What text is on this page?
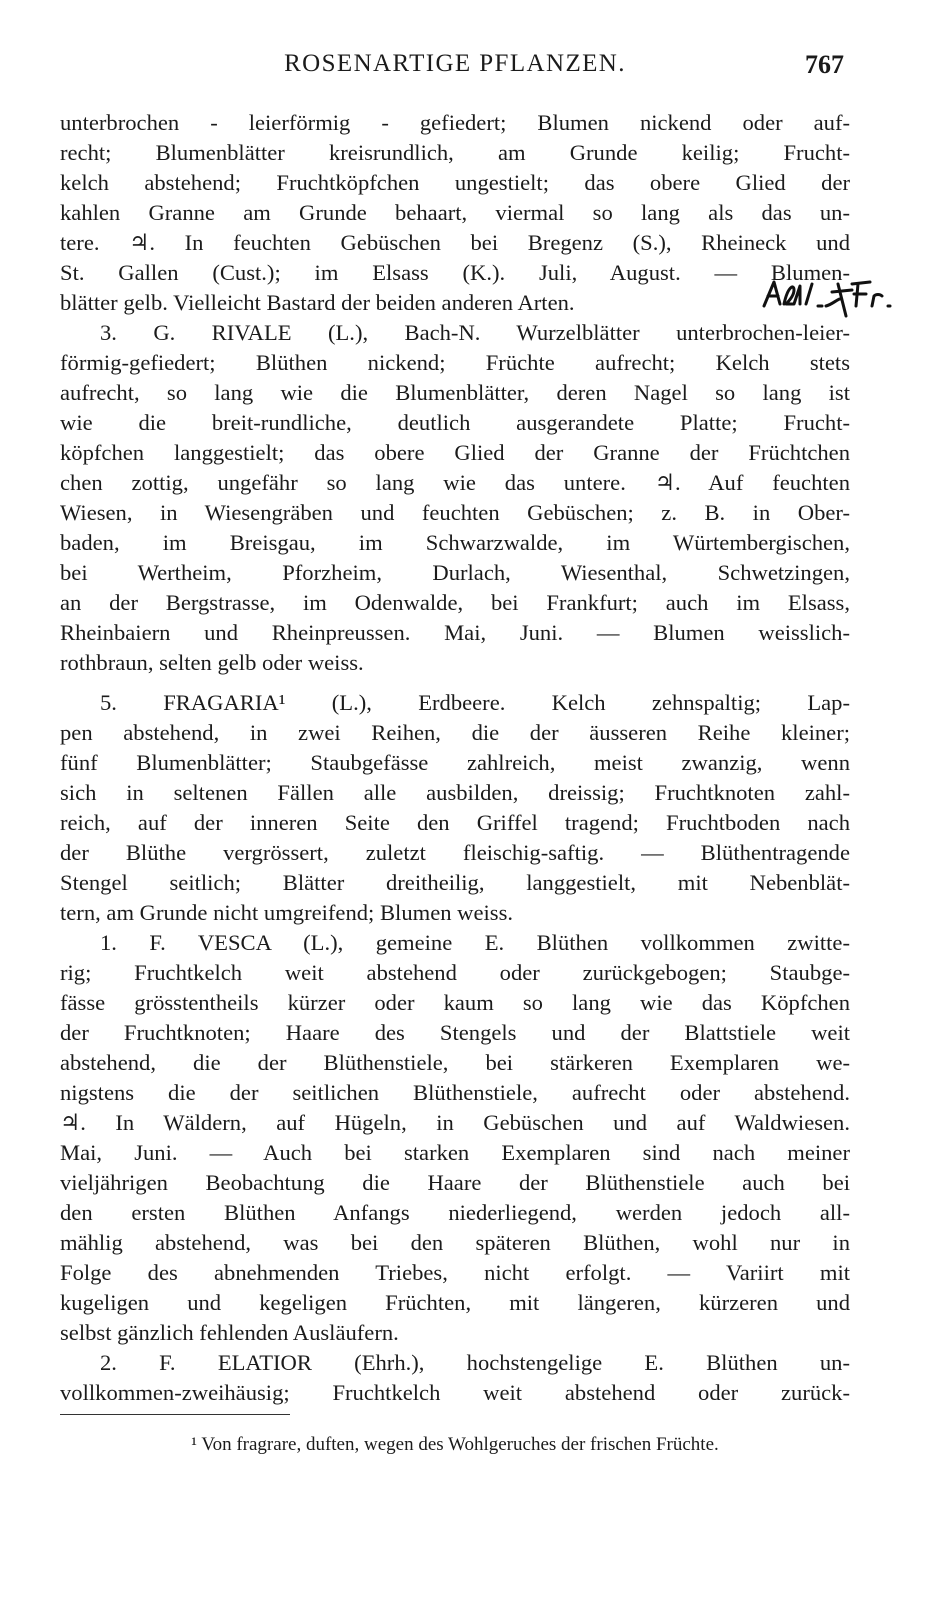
ROSENARTIGE PFLANZEN.	767
unterbrochen - leierförmig - gefiedert; Blumen nickend oder auf-
recht; Blumenblätter kreisrundlich, am Grunde keilig; Frucht-
kelch abstehend; Fruchtköpfchen ungestielt; das obere Glied der
kahlen Granne am Grunde behaart, viermal so lang als das un-
tere. ♃. In feuchten Gebüschen bei Bregenz (S.), Rheineck und
St. Gallen (Cust.); im Elsass (K.). Juli, August. — Blumen-
blätter gelb. Vielleicht Bastard der beiden anderen Arten.
3. G. RIVALE (L.), Bach-N. Wurzelblätter unterbrochen-leier-
förmig-gefiedert; Blüthen nickend; Früchte aufrecht; Kelch stets
aufrecht, so lang wie die Blumenblätter, deren Nagel so lang ist
wie die breit-rundliche, deutlich ausgerandete Platte; Frucht-
köpfchen langgestielt; das obere Glied der Granne der Früchtchen
chen zottig, ungefähr so lang wie das untere. ♃. Auf feuchten
Wiesen, in Wiesengräben und feuchten Gebüschen; z. B. in Ober-
baden, im Breisgau, im Schwarzwalde, im Würtembergischen,
bei Wertheim, Pforzheim, Durlach, Wiesenthal, Schwetzingen,
an der Bergstrasse, im Odenwalde, bei Frankfurt; auch im Elsass,
Rheinbaiern und Rheinpreussen. Mai, Juni. — Blumen weisslich-
rothbraun, selten gelb oder weiss.
5. FRAGARIA¹ (L.), Erdbeere. Kelch zehnspaltig; Lap-
pen abstehend, in zwei Reihen, die der äusseren Reihe kleiner;
fünf Blumenblätter; Staubgefässe zahlreich, meist zwanzig, wenn
sich in seltenen Fällen alle ausbilden, dreissig; Fruchtknoten zahl-
reich, auf der inneren Seite den Griffel tragend; Fruchtboden nach
der Blüthe vergrössert, zuletzt fleischig-saftig. — Blüthentragende
Stengel seitlich; Blätter dreitheilig, langgestielt, mit Nebenblät-
tern, am Grunde nicht umgreifend; Blumen weiss.
1. F. VESCA (L.), gemeine E. Blüthen vollkommen zwitte-
rig; Fruchtkelch weit abstehend oder zurückgebogen; Staubge-
fässe grösstentheils kürzer oder kaum so lang wie das Köpfchen
der Fruchtknoten; Haare des Stengels und der Blattstiele weit
abstehend, die der Blüthenstiele, bei stärkeren Exemplaren we-
nigstens die der seitlichen Blüthenstiele, aufrecht oder abstehend.
♃. In Wäldern, auf Hügeln, in Gebüschen und auf Waldwiesen.
Mai, Juni. — Auch bei starken Exemplaren sind nach meiner
vieljährigen Beobachtung die Haare der Blüthenstiele auch bei
den ersten Blüthen Anfangs niederliegend, werden jedoch all-
mählig abstehend, was bei den späteren Blüthen, wohl nur in
Folge des abnehmenden Triebes, nicht erfolgt. — Variirt mit
kugeligen und kegeligen Früchten, mit längeren, kürzeren und
selbst gänzlich fehlenden Ausläufern.
2. F. ELATIOR (Ehrh.), hochstengelige E. Blüthen un-
vollkommen-zweihäusig; Fruchtkelch weit abstehend oder zurück-
¹ Von fragrare, duften, wegen des Wohlgeruches der frischen Früchte.
